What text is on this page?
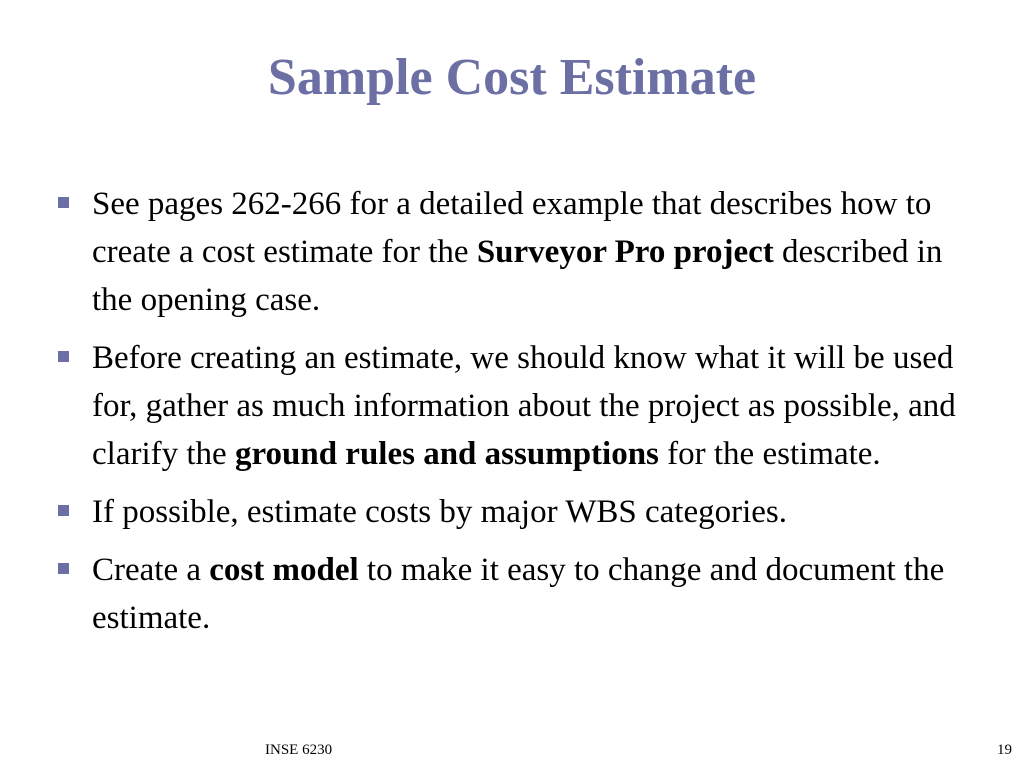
Sample Cost Estimate
See pages 262-266 for a detailed example that describes how to create a cost estimate for the Surveyor Pro project described in the opening case.
Before creating an estimate, we should know what it will be used for, gather as much information about the project as possible, and clarify the ground rules and assumptions for the estimate.
If possible, estimate costs by major WBS categories.
Create a cost model to make it easy to change and document the estimate.
INSE 6230	19
